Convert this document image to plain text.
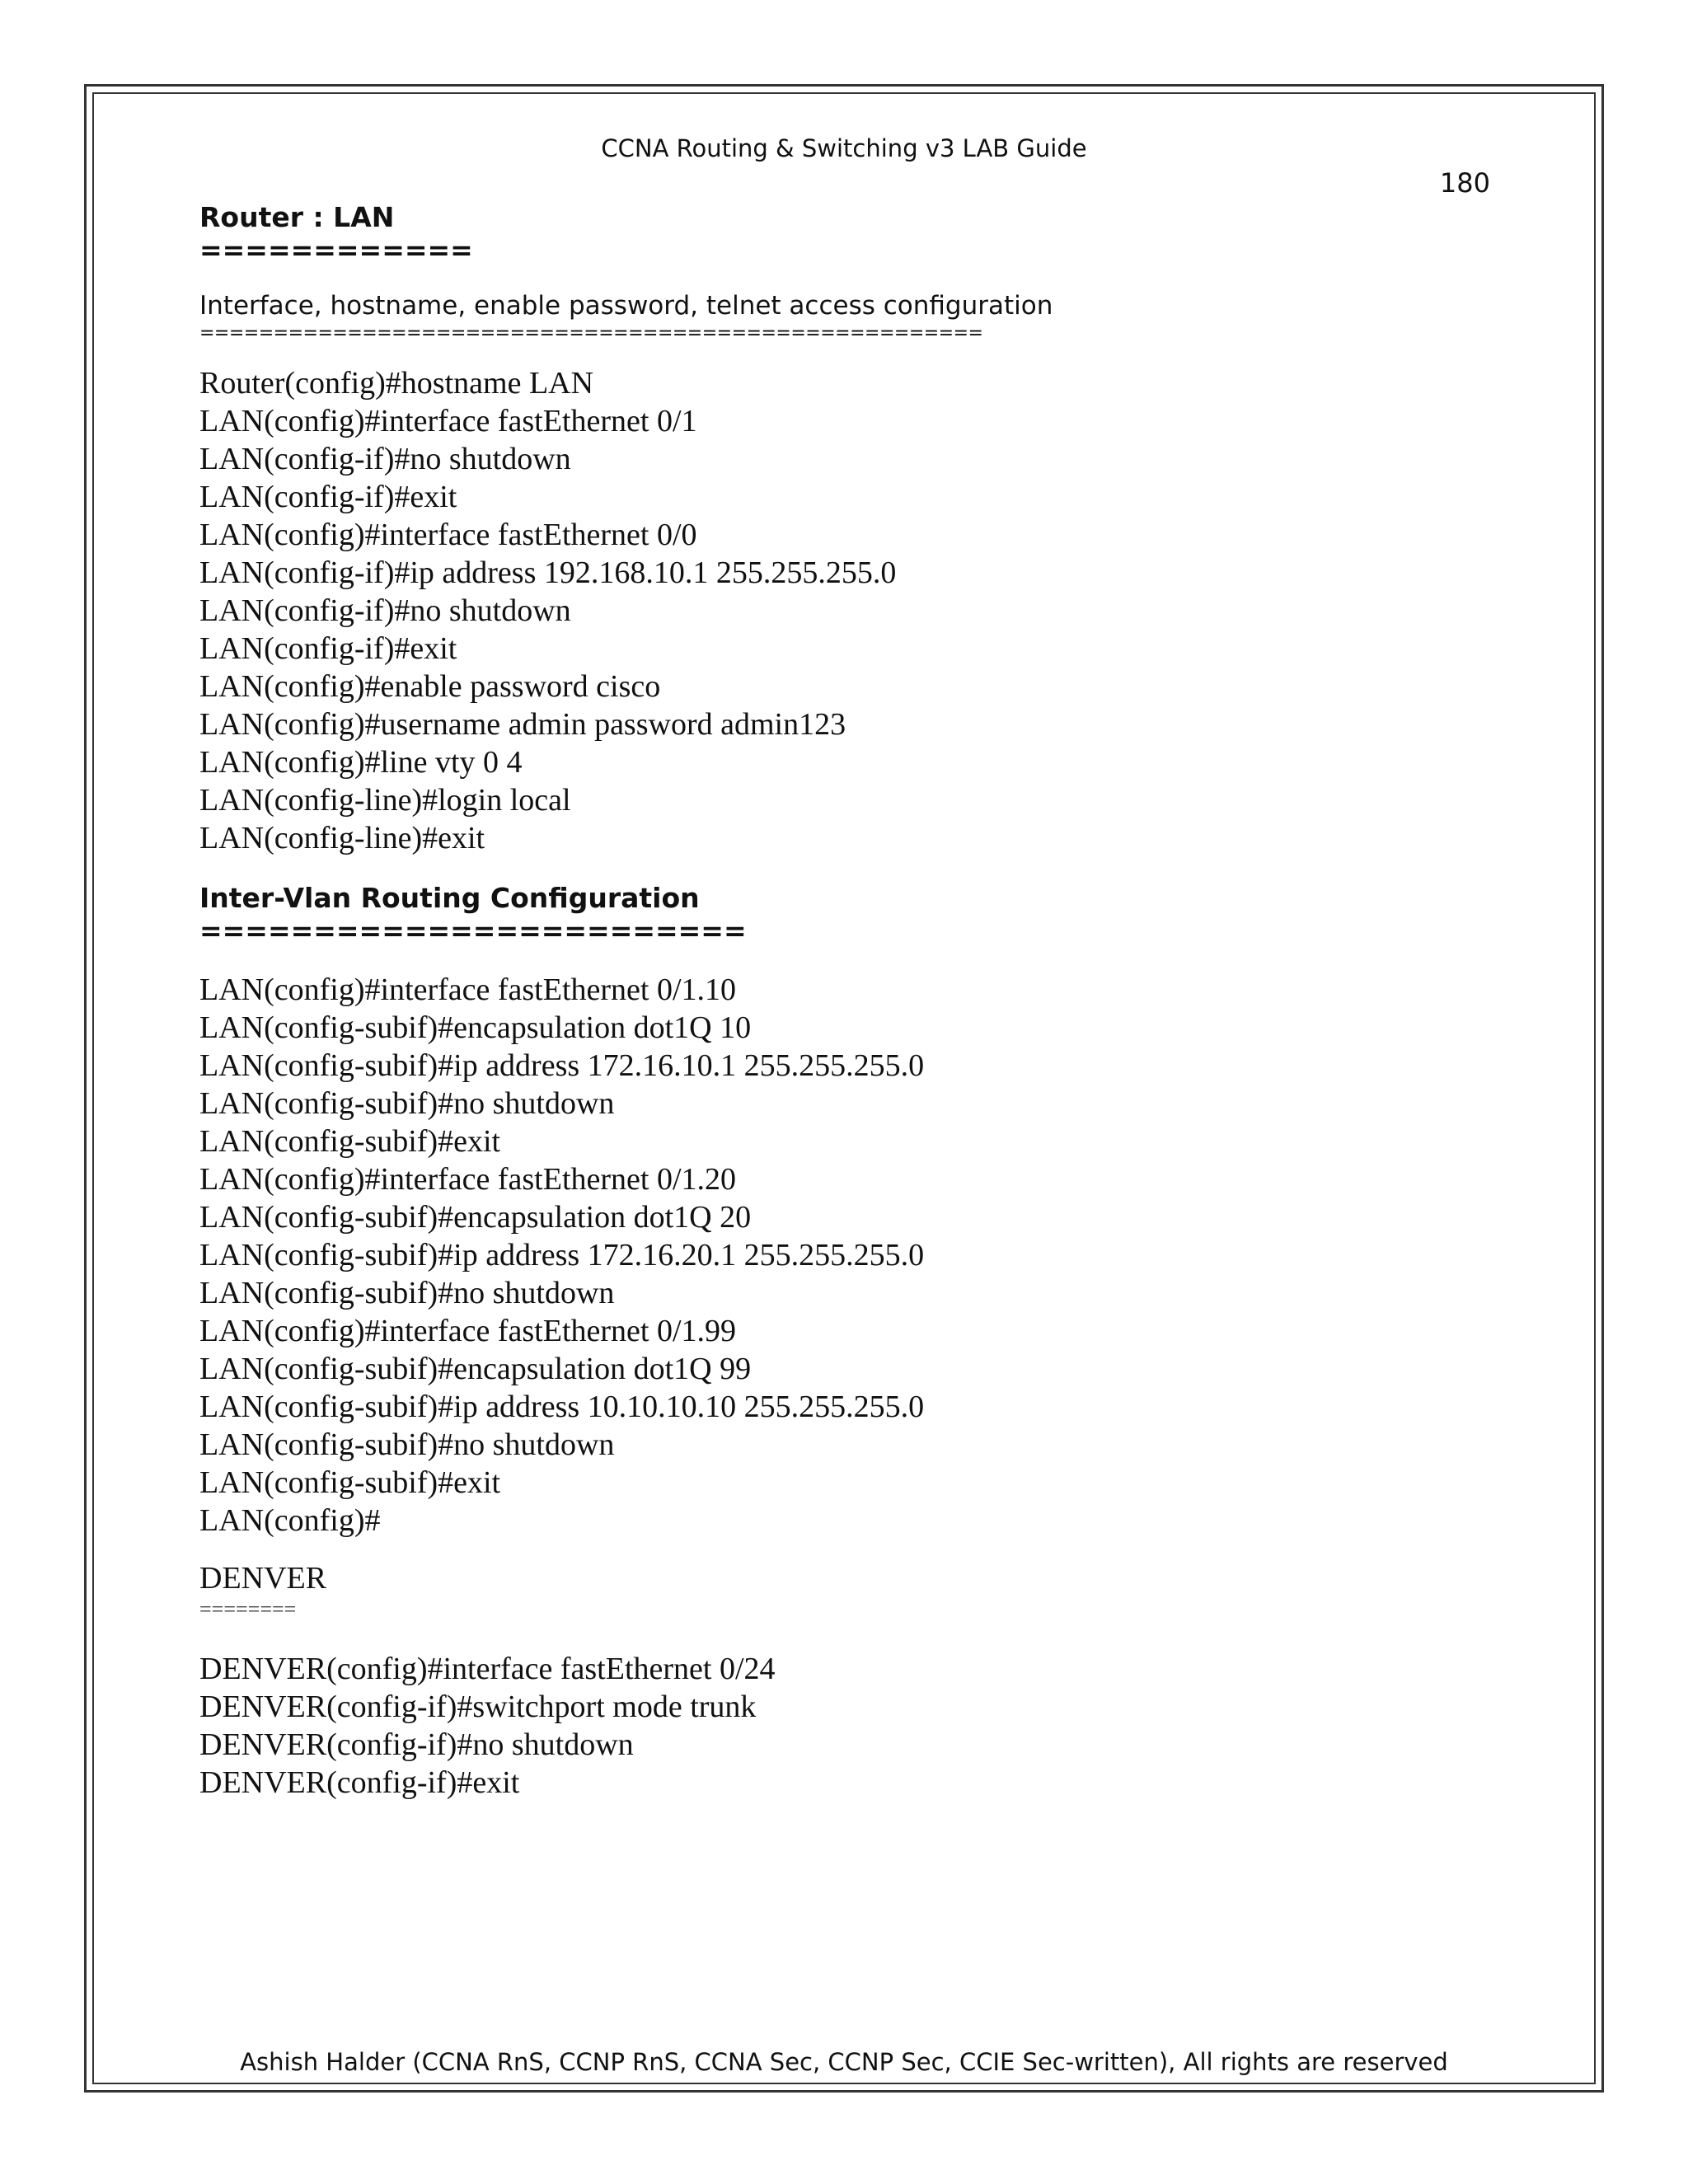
CCNA Routing & Switching v3 LAB Guide
180
Router : LAN
============
Interface, hostname, enable password, telnet access configuration
=====================================================
Router(config)#hostname LAN
LAN(config)#interface fastEthernet 0/1
LAN(config-if)#no shutdown
LAN(config-if)#exit
LAN(config)#interface fastEthernet 0/0
LAN(config-if)#ip address 192.168.10.1 255.255.255.0
LAN(config-if)#no shutdown
LAN(config-if)#exit
LAN(config)#enable password cisco
LAN(config)#username admin password admin123
LAN(config)#line vty 0 4
LAN(config-line)#login local
LAN(config-line)#exit
Inter-Vlan Routing Configuration
========================
LAN(config)#interface fastEthernet 0/1.10
LAN(config-subif)#encapsulation dot1Q 10
LAN(config-subif)#ip address 172.16.10.1 255.255.255.0
LAN(config-subif)#no shutdown
LAN(config-subif)#exit
LAN(config)#interface fastEthernet 0/1.20
LAN(config-subif)#encapsulation dot1Q 20
LAN(config-subif)#ip address 172.16.20.1 255.255.255.0
LAN(config-subif)#no shutdown
LAN(config)#interface fastEthernet 0/1.99
LAN(config-subif)#encapsulation dot1Q 99
LAN(config-subif)#ip address 10.10.10.10 255.255.255.0
LAN(config-subif)#no shutdown
LAN(config-subif)#exit
LAN(config)#
DENVER
========
DENVER(config)#interface fastEthernet 0/24
DENVER(config-if)#switchport mode trunk
DENVER(config-if)#no shutdown
DENVER(config-if)#exit
Ashish Halder (CCNA RnS, CCNP RnS, CCNA Sec, CCNP Sec, CCIE Sec-written), All rights are reserved
